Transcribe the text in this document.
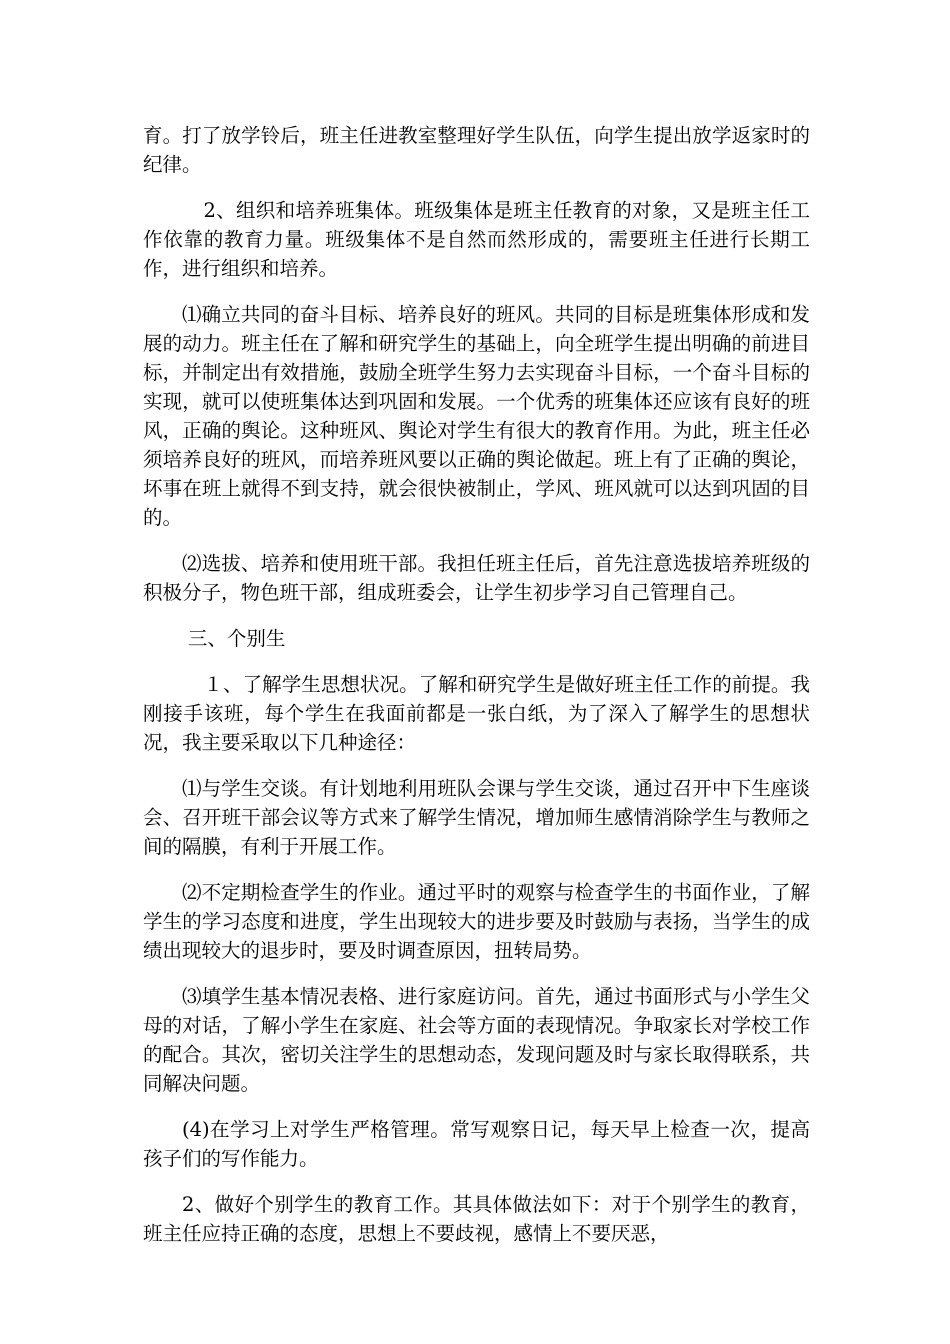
育。打了放学铃后，班主任进教室整理好学生队伍，向学生提出放学返家时的纪律。

2、组织和培养班集体。班级集体是班主任教育的对象，又是班主任工作依靠的教育力量。班级集体不是自然而然形成的，需要班主任进行长期工作，进行组织和培养。

⑴确立共同的奋斗目标、培养良好的班风。共同的目标是班集体形成和发展的动力。班主任在了解和研究学生的基础上，向全班学生提出明确的前进目标，并制定出有效措施，鼓励全班学生努力去实现奋斗目标，一个奋斗目标的实现，就可以使班集体达到巩固和发展。一个优秀的班集体还应该有良好的班风，正确的舆论。这种班风、舆论对学生有很大的教育作用。为此，班主任必须培养良好的班风，而培养班风要以正确的舆论做起。班上有了正确的舆论，坏事在班上就得不到支持，就会很快被制止，学风、班风就可以达到巩固的目的。

⑵选拔、培养和使用班干部。我担任班主任后，首先注意选拔培养班级的积极分子，物色班干部，组成班委会，让学生初步学习自己管理自己。

三、个别生

１、了解学生思想状况。了解和研究学生是做好班主任工作的前提。我刚接手该班，每个学生在我面前都是一张白纸，为了深入了解学生的思想状况，我主要采取以下几种途径：

⑴与学生交谈。有计划地利用班队会课与学生交谈，通过召开中下生座谈会、召开班干部会议等方式来了解学生情况，增加师生感情消除学生与教师之间的隔膜，有利于开展工作。

⑵不定期检查学生的作业。通过平时的观察与检查学生的书面作业，了解学生的学习态度和进度，学生出现较大的进步要及时鼓励与表扬，当学生的成绩出现较大的退步时，要及时调查原因，扭转局势。

⑶填学生基本情况表格、进行家庭访问。首先，通过书面形式与小学生父母的对话，了解小学生在家庭、社会等方面的表现情况。争取家长对学校工作的配合。其次，密切关注学生的思想动态，发现问题及时与家长取得联系，共同解决问题。

(4)在学习上对学生严格管理。常写观察日记，每天早上检查一次，提高孩子们的写作能力。

2、做好个别学生的教育工作。其具体做法如下：对于个别学生的教育，班主任应持正确的态度，思想上不要歧视，感情上不要厌恶，
